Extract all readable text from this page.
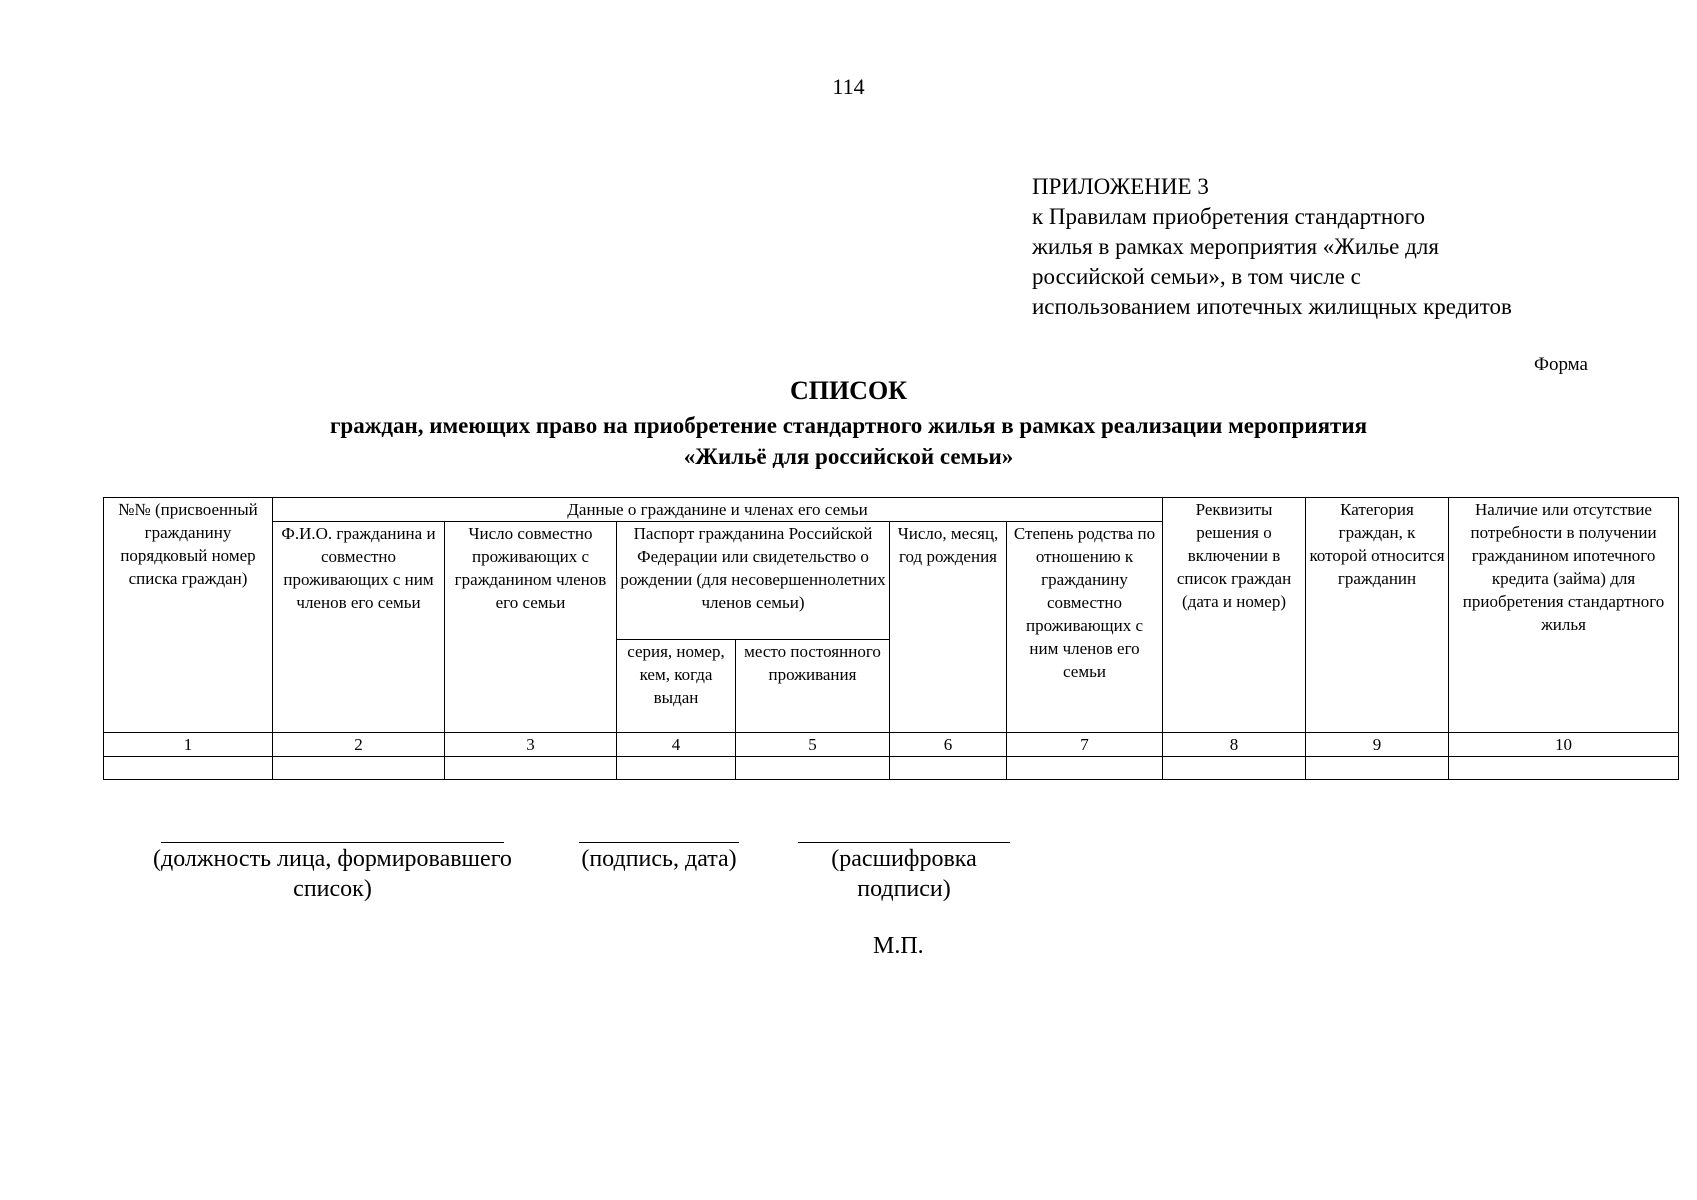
114
ПРИЛОЖЕНИЕ 3
к Правилам приобретения стандартного
жилья в рамках мероприятия «Жилье для
российской семьи», в том числе с
использованием ипотечных жилищных кредитов
Форма
СПИСОК
граждан, имеющих право на приобретение стандартного жилья в рамках реализации мероприятия
«Жильё для российской семьи»
№№ (присвоенный гражданину порядковый номер списка граждан)	Данные о гражданине и членах его семьи						Реквизиты решения о включении в список граждан (дата и номер)	Категория граждан, к которой относится гражданин	Наличие или отсутствие потребности в получении гражданином ипотечного кредита (займа) для приобретения стандартного жилья
	Ф.И.О. гражданина и совместно проживающих с ним членов его семьи	Число совместно проживающих с гражданином членов его семьи	Паспорт гражданина Российской Федерации или свидетельство о рождении (для несовершеннолетних членов семьи)		Число, месяц, год рождения	Степень родства по отношению к гражданину совместно проживающих с ним членов его семьи			
			серия, номер, кем, когда выдан	место постоянного проживания					
1	2	3	4	5	6	7	8	9	10

(должность лица, формировавшего список)
(подпись, дата)	(расшифровка подписи)
М.П.
